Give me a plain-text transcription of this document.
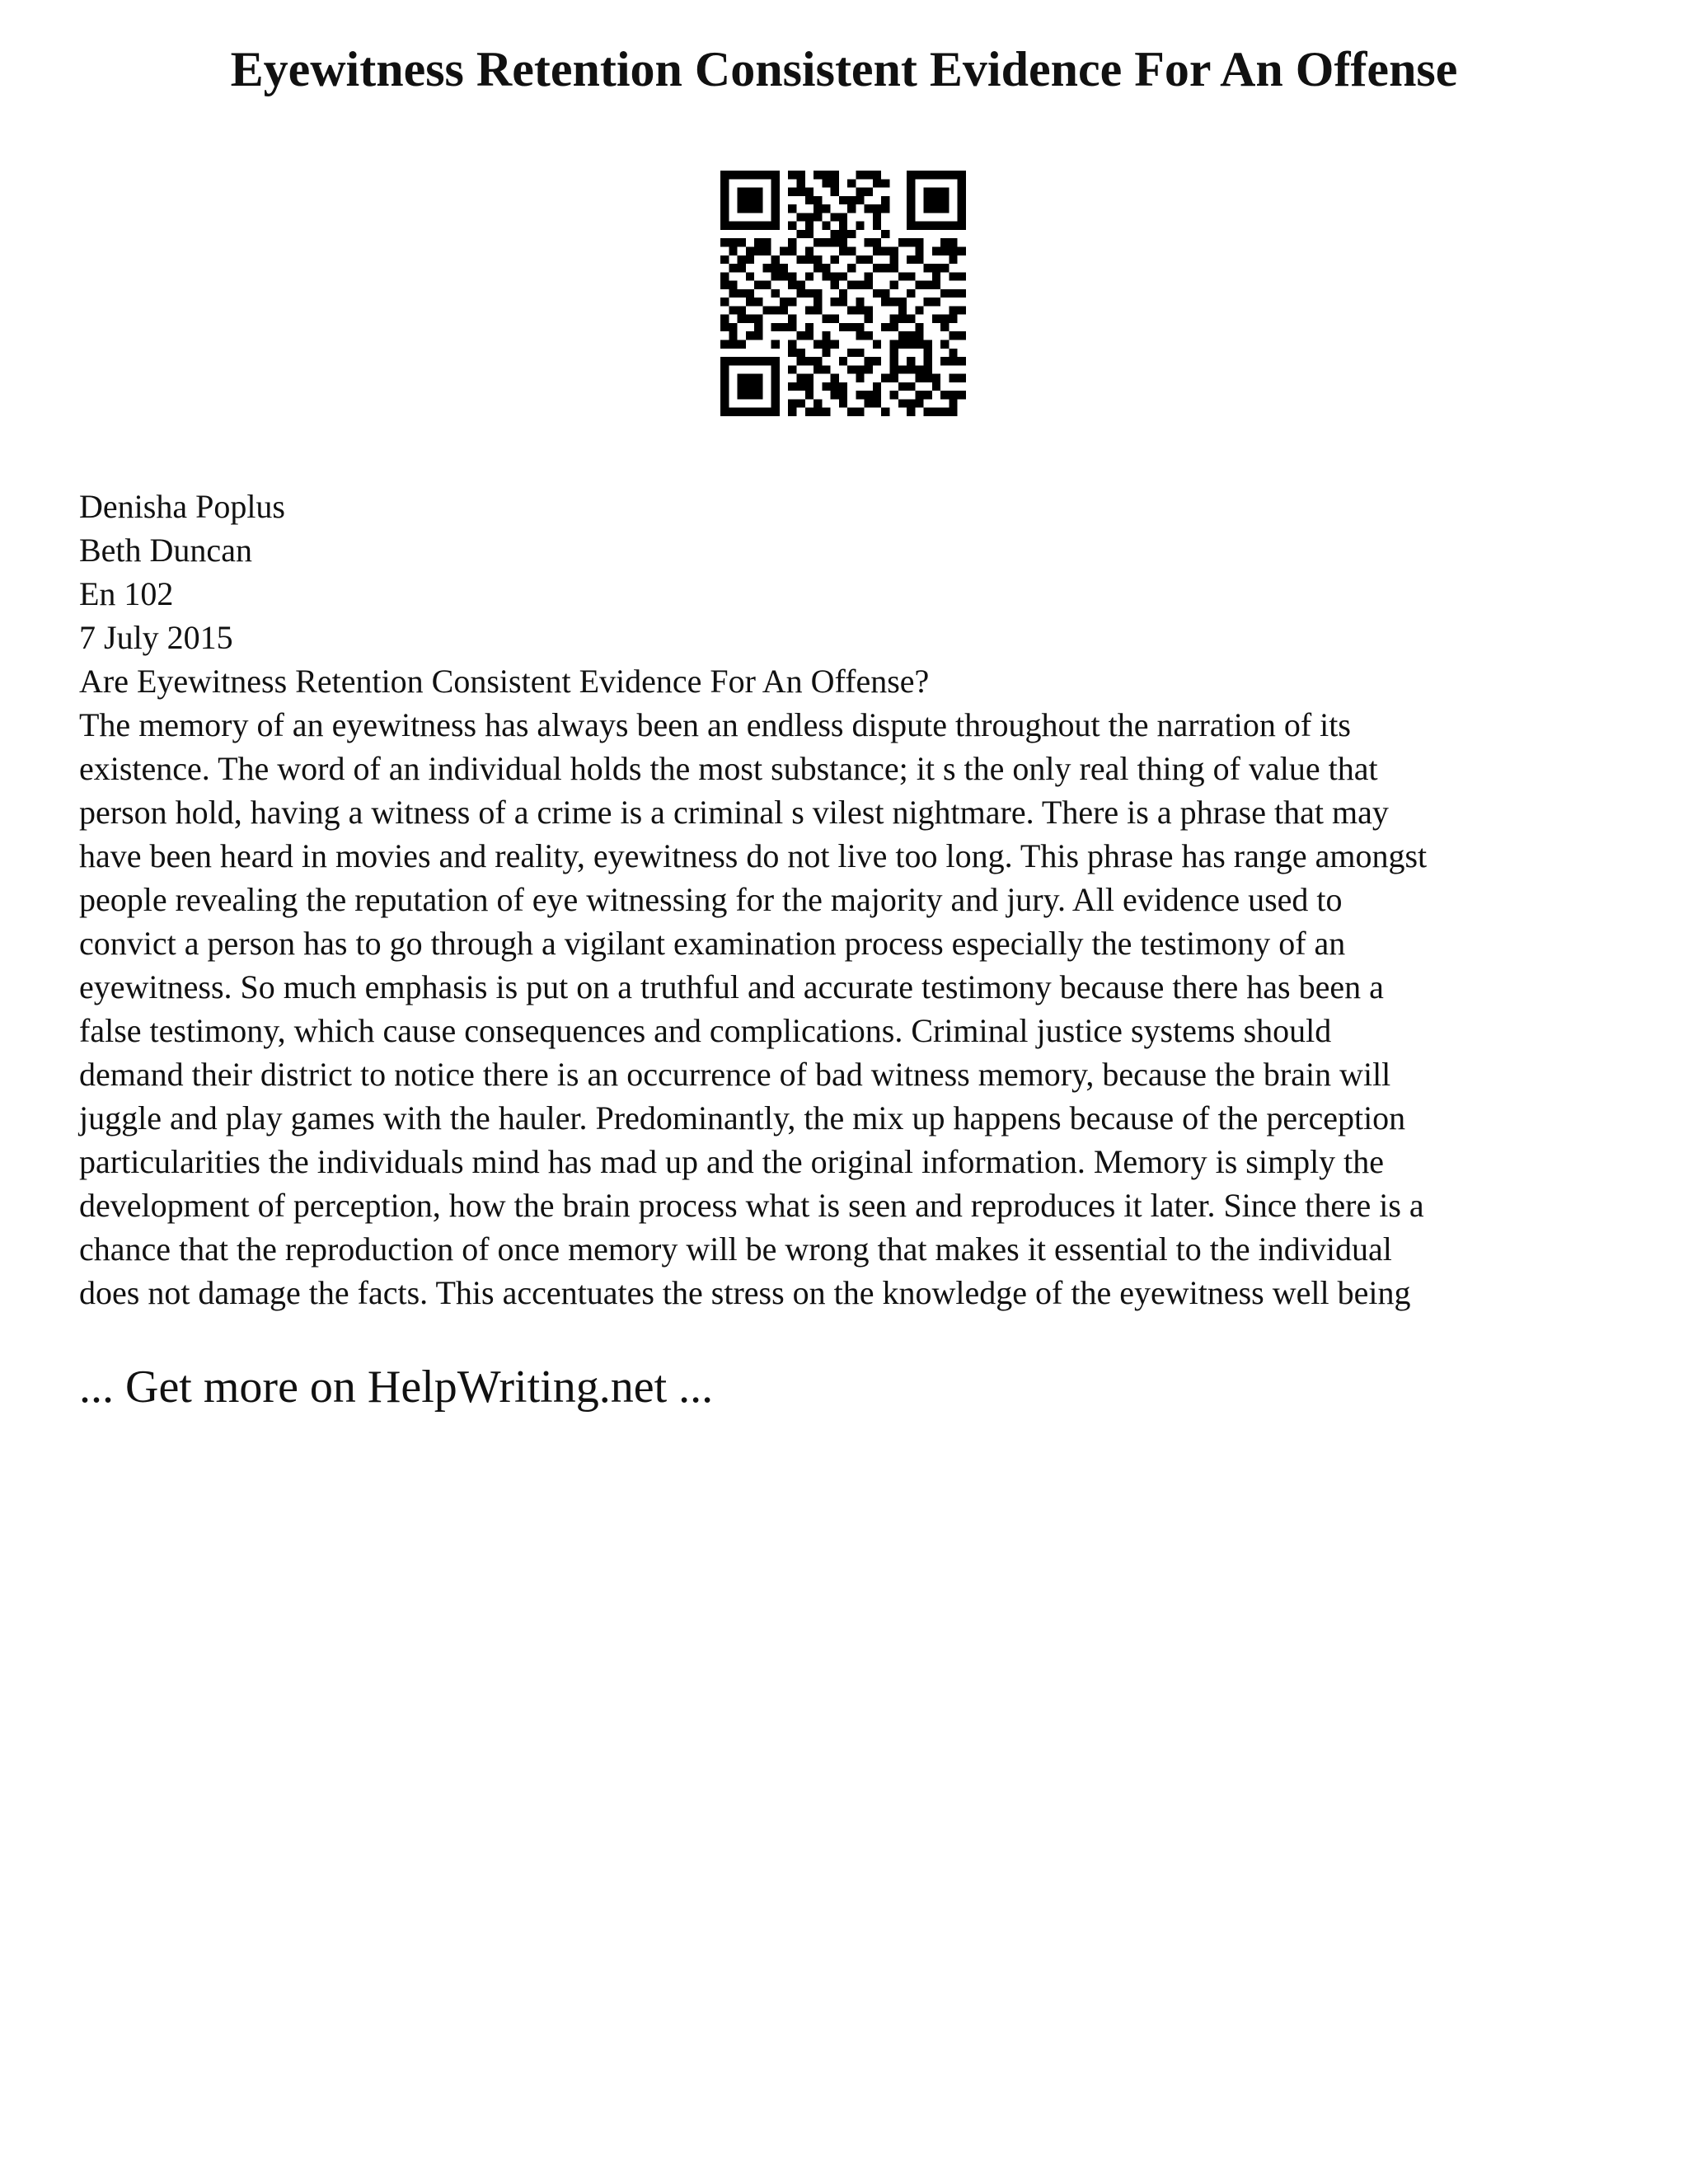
Eyewitness Retention Consistent Evidence For An Offense
Denisha Poplus
Beth Duncan
En 102
7 July 2015
Are Eyewitness Retention Consistent Evidence For An Offense?
The memory of an eyewitness has always been an endless dispute throughout the narration of its
existence. The word of an individual holds the most substance; it s the only real thing of value that
person hold, having a witness of a crime is a criminal s vilest nightmare. There is a phrase that may
have been heard in movies and reality, eyewitness do not live too long. This phrase has range amongst
people revealing the reputation of eye witnessing for the majority and jury. All evidence used to
convict a person has to go through a vigilant examination process especially the testimony of an
eyewitness. So much emphasis is put on a truthful and accurate testimony because there has been a
false testimony, which cause consequences and complications. Criminal justice systems should
demand their district to notice there is an occurrence of bad witness memory, because the brain will
juggle and play games with the hauler. Predominantly, the mix up happens because of the perception
particularities the individuals mind has mad up and the original information. Memory is simply the
development of perception, how the brain process what is seen and reproduces it later. Since there is a
chance that the reproduction of once memory will be wrong that makes it essential to the individual
does not damage the facts. This accentuates the stress on the knowledge of the eyewitness well being
... Get more on HelpWriting.net ...
